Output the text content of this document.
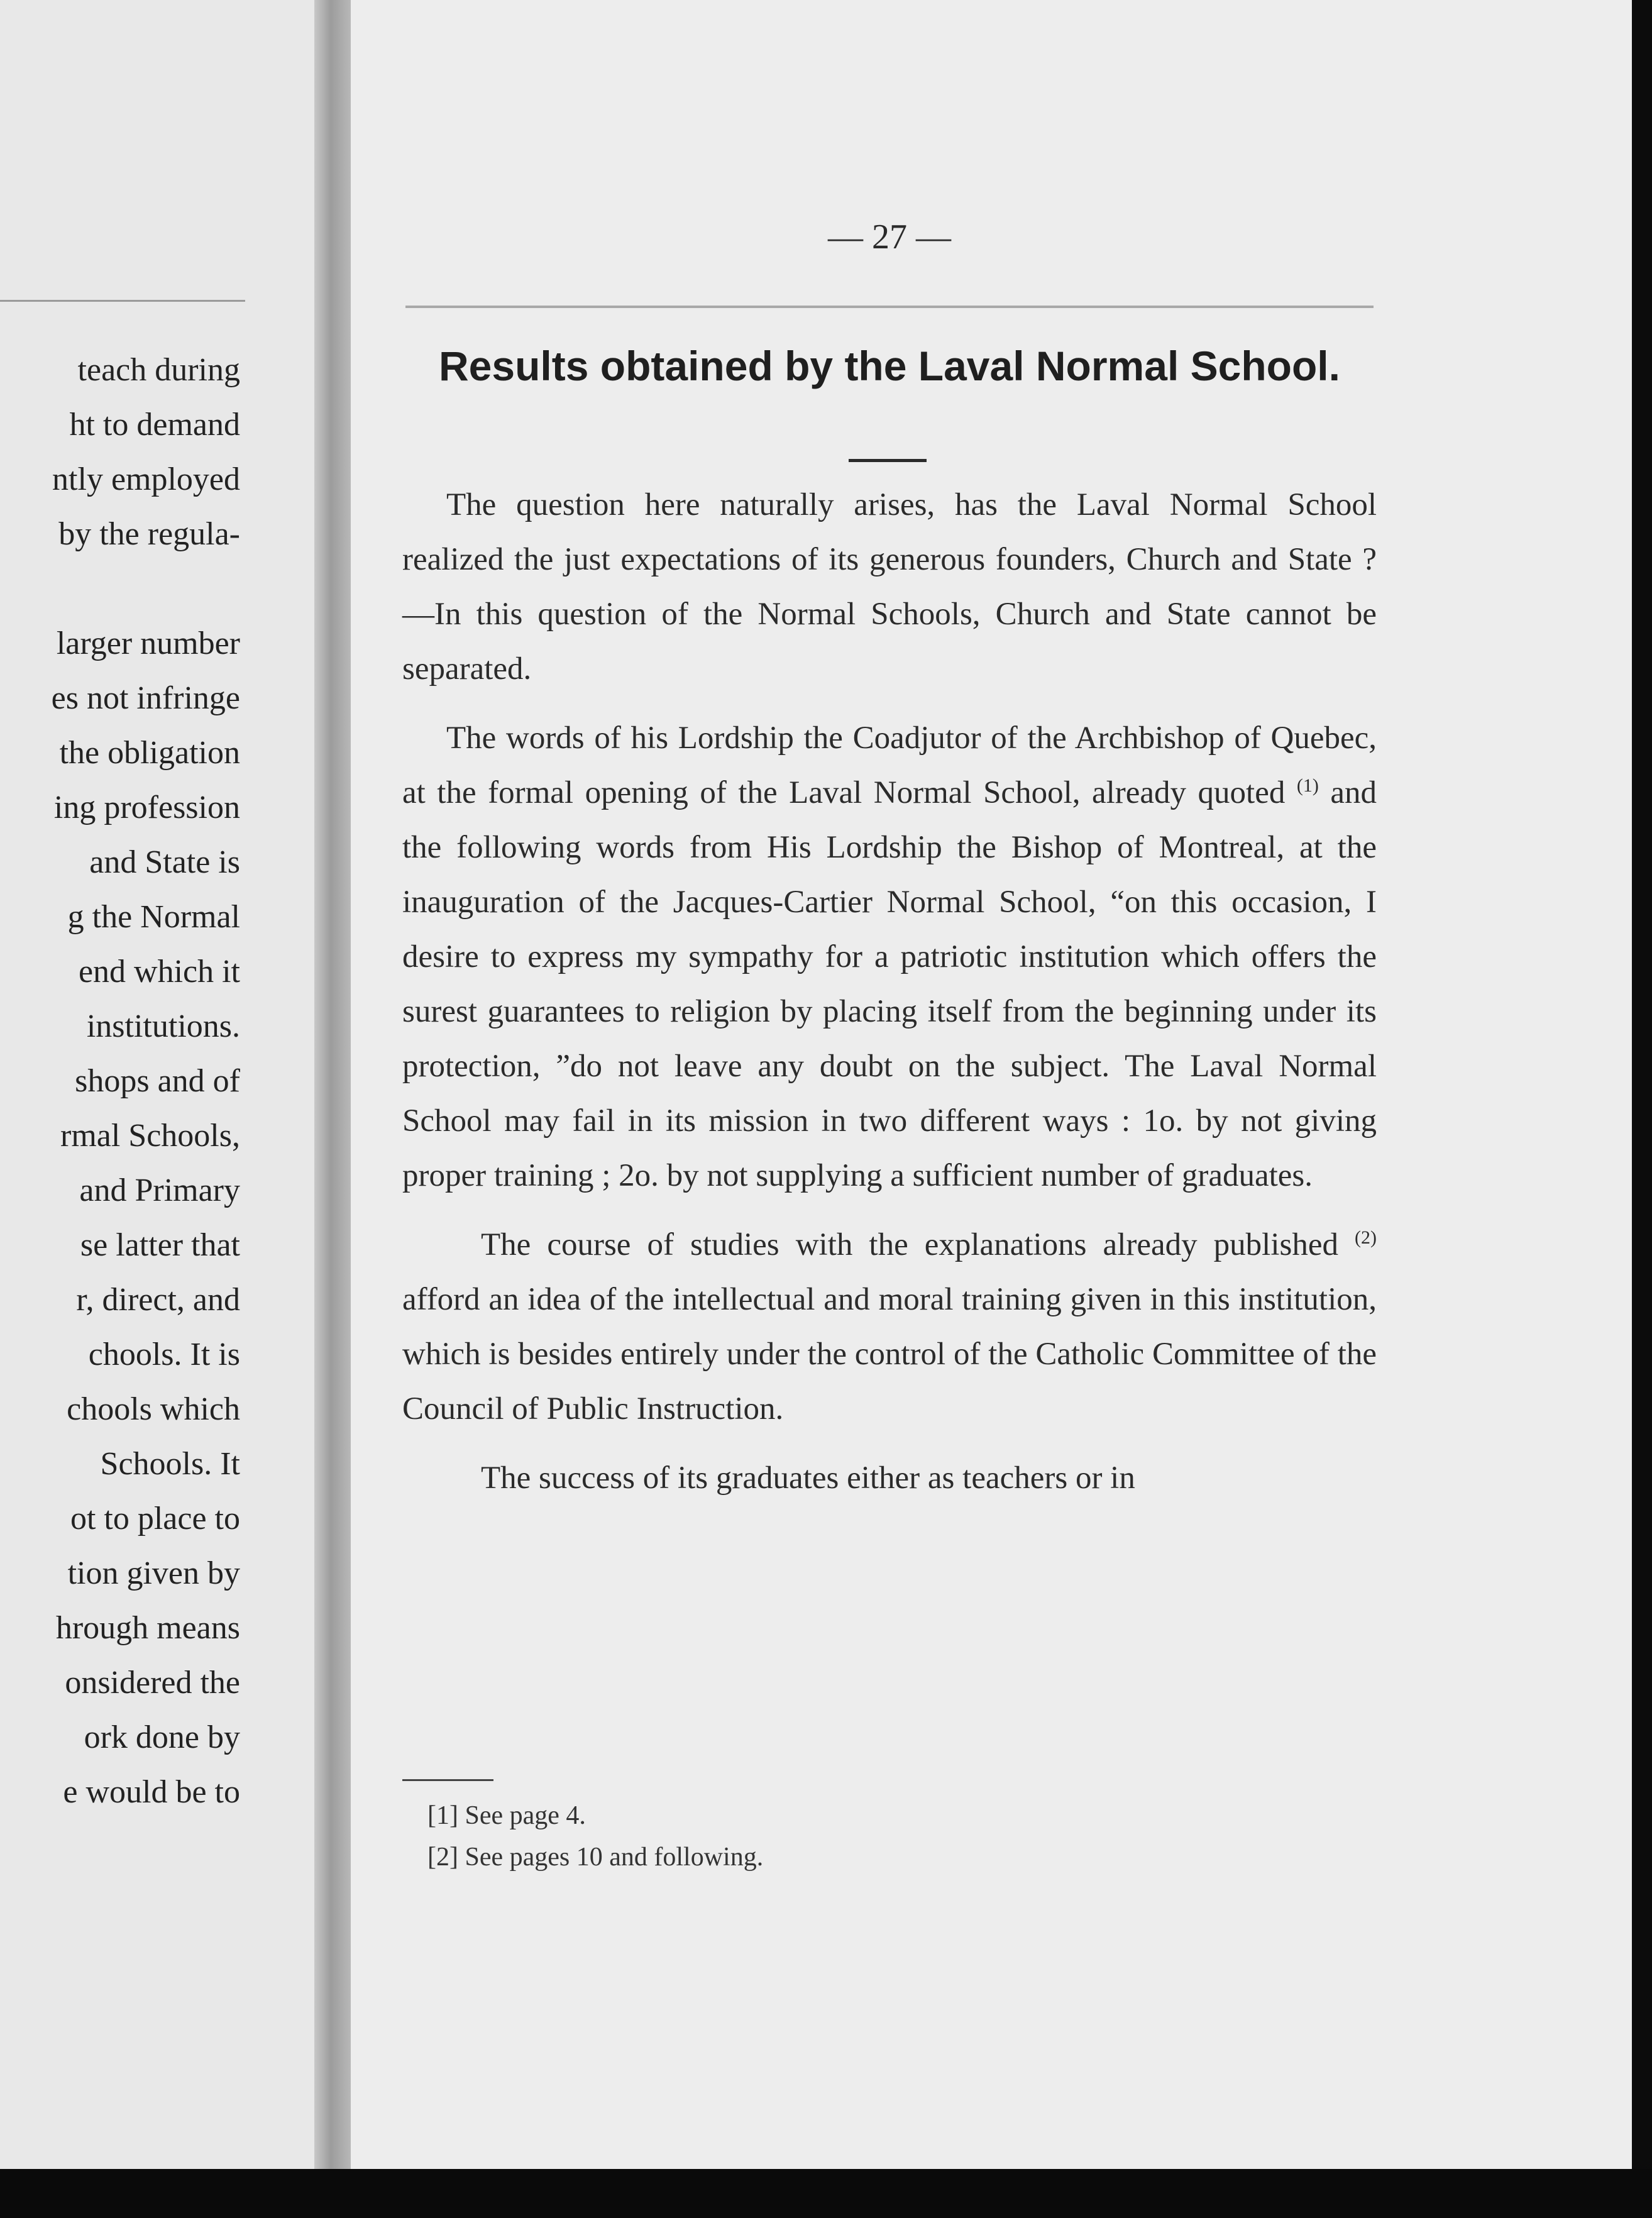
teach during
ht to demand
ntly employed
by the regula-

larger number
es not infringe
the obligation
ing profession
and State is
g the Normal
end which it
institutions.
shops and of
rmal Schools,
and Primary
se latter that
r, direct, and
chools. It is
chools which
Schools. It
ot to place to
tion given by
hrough means
onsidered the
ork done by
e would be to
— 27 —
Results obtained by the Laval Normal School.

The question here naturally arises, has the Laval Normal School realized the just expectations of its generous founders, Church and State ?—In this question of the Normal Schools, Church and State cannot be separated.

The words of his Lordship the Coadjutor of the Archbishop of Quebec, at the formal opening of the Laval Normal School, already quoted $^{(1)}$ and the following words from His Lordship the Bishop of Montreal, at the inauguration of the Jacques-Cartier Normal School, “on this occasion, I desire to express my sympathy for a patriotic institution which offers the surest guarantees to religion by placing itself from the beginning under its protection, ”do not leave any doubt on the subject. The Laval Normal School may fail in its mission in two different ways : 1o. by not giving proper training ; 2o. by not supplying a sufficient number of graduates.

The course of studies with the explanations already published $^{(2)}$ afford an idea of the intellectual and moral training given in this institution, which is besides entirely under the control of the Catholic Committee of the Council of Public Instruction.

The success of its graduates either as teachers or in

[1] See page 4.
[2] See pages 10 and following.
